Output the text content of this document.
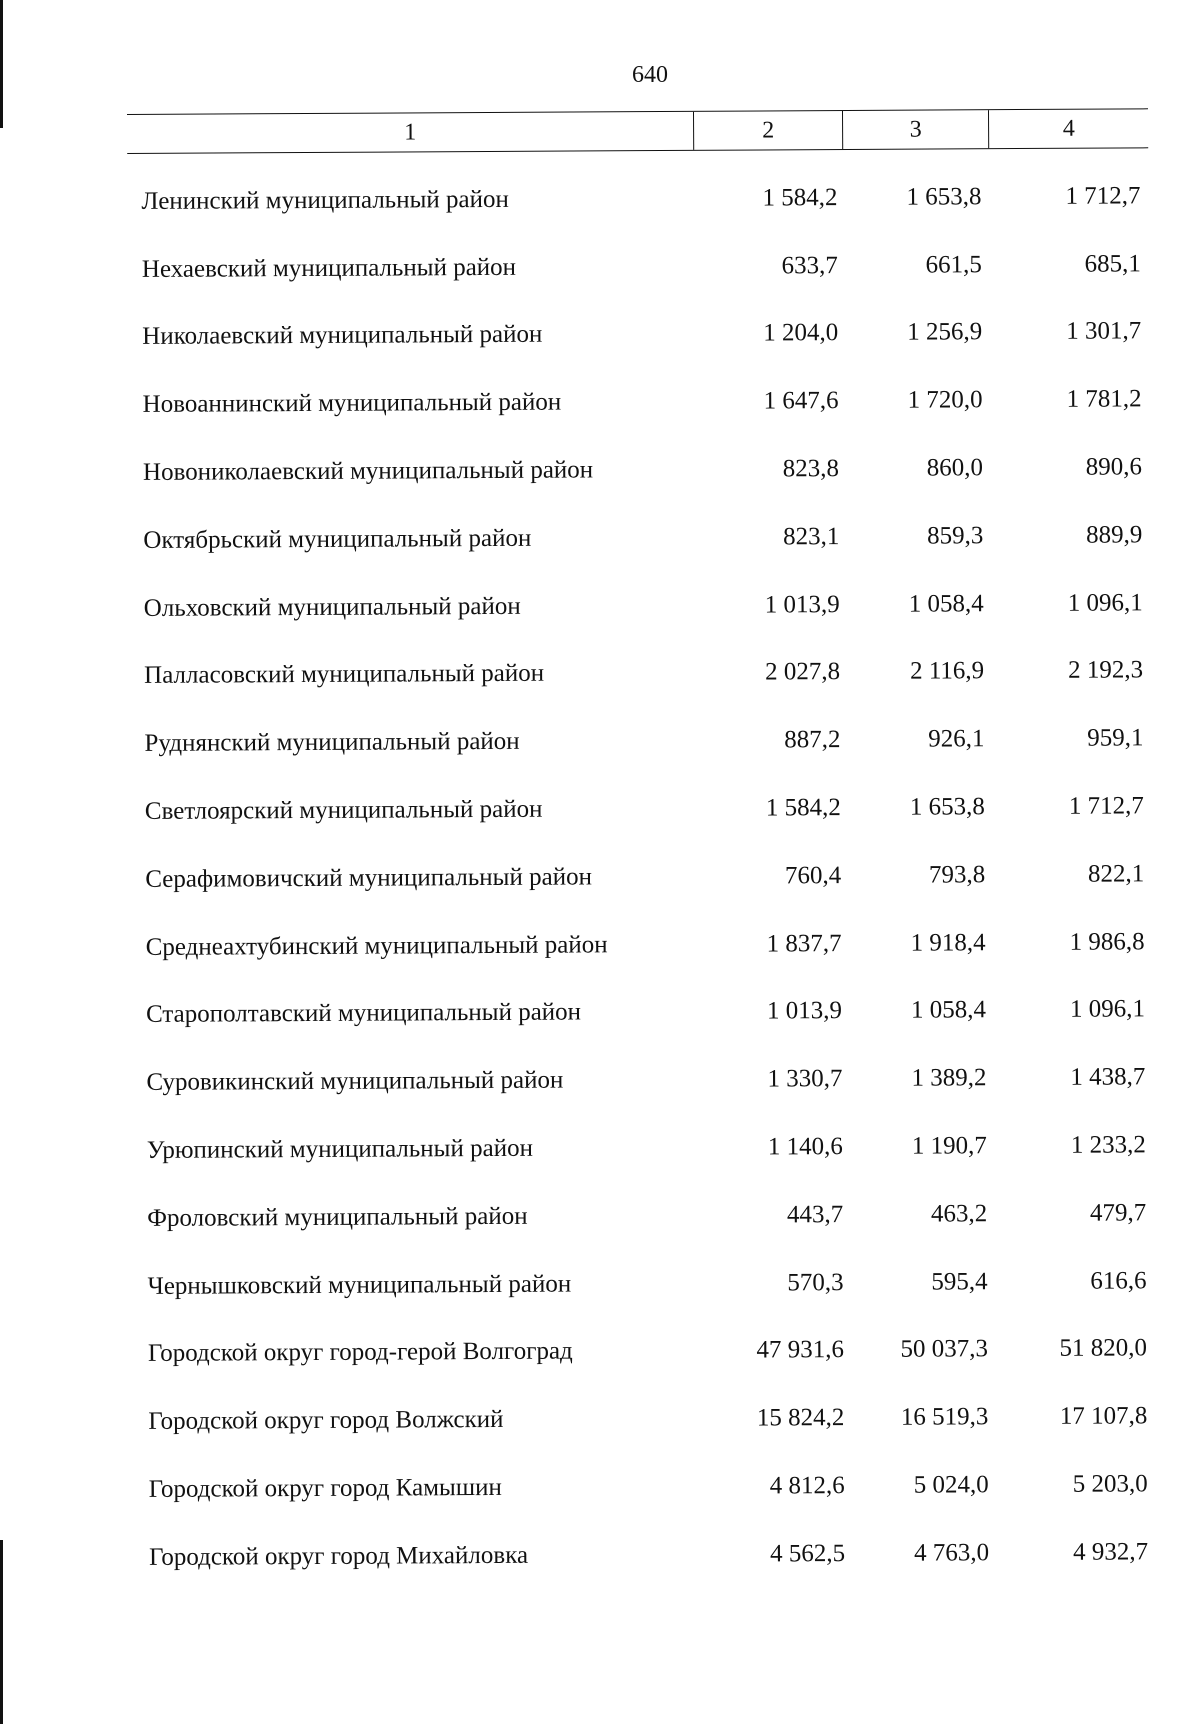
640
1	2	3	4
Ленинский муниципальный район	1 584,2	1 653,8	1 712,7
Нехаевский муниципальный район	633,7	661,5	685,1
Николаевский муниципальный район	1 204,0	1 256,9	1 301,7
Новоаннинский муниципальный район	1 647,6	1 720,0	1 781,2
Новониколаевский муниципальный район	823,8	860,0	890,6
Октябрьский муниципальный район	823,1	859,3	889,9
Ольховский муниципальный район	1 013,9	1 058,4	1 096,1
Палласовский муниципальный район	2 027,8	2 116,9	2 192,3
Руднянский муниципальный район	887,2	926,1	959,1
Светлоярский муниципальный район	1 584,2	1 653,8	1 712,7
Серафимовичский муниципальный район	760,4	793,8	822,1
Среднеахтубинский муниципальный район	1 837,7	1 918,4	1 986,8
Старополтавский муниципальный район	1 013,9	1 058,4	1 096,1
Суровикинский муниципальный район	1 330,7	1 389,2	1 438,7
Урюпинский муниципальный район	1 140,6	1 190,7	1 233,2
Фроловский муниципальный район	443,7	463,2	479,7
Чернышковский муниципальный район	570,3	595,4	616,6
Городской округ город-герой Волгоград	47 931,6	50 037,3	51 820,0
Городской округ город Волжский	15 824,2	16 519,3	17 107,8
Городской округ город Камышин	4 812,6	5 024,0	5 203,0
Городской округ город Михайловка	4 562,5	4 763,0	4 932,7
